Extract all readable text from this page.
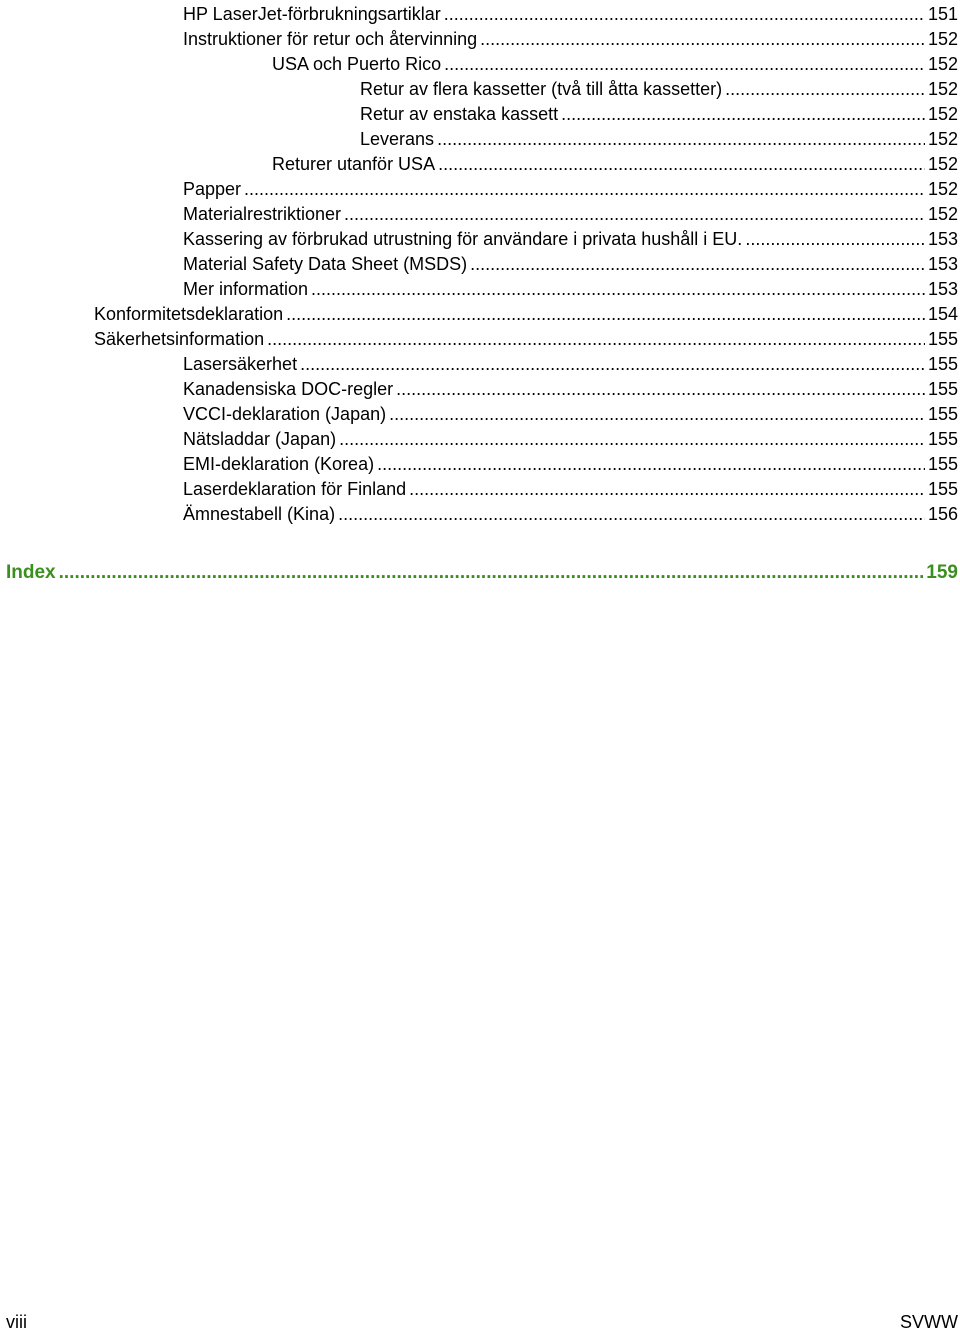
HP LaserJet-förbrukningsartiklar .....	151
Instruktioner för retur och återvinning .....	152
USA och Puerto Rico .....	152
Retur av flera kassetter (två till åtta kassetter) .....	152
Retur av enstaka kassett .....	152
Leverans .....	152
Returer utanför USA .....	152
Papper .....	152
Materialrestriktioner .....	152
Kassering av förbrukad utrustning för användare i privata hushåll i EU. .....	153
Material Safety Data Sheet (MSDS) .....	153
Mer information .....	153
Konformitetsdeklaration .....	154
Säkerhetsinformation .....	155
Lasersäkerhet .....	155
Kanadensiska DOC-regler .....	155
VCCI-deklaration (Japan) .....	155
Nätsladdar (Japan) .....	155
EMI-deklaration (Korea) .....	155
Laserdeklaration för Finland .....	155
Ämnestabell (Kina) .....	156
Index .....	159
viii	SVWW
